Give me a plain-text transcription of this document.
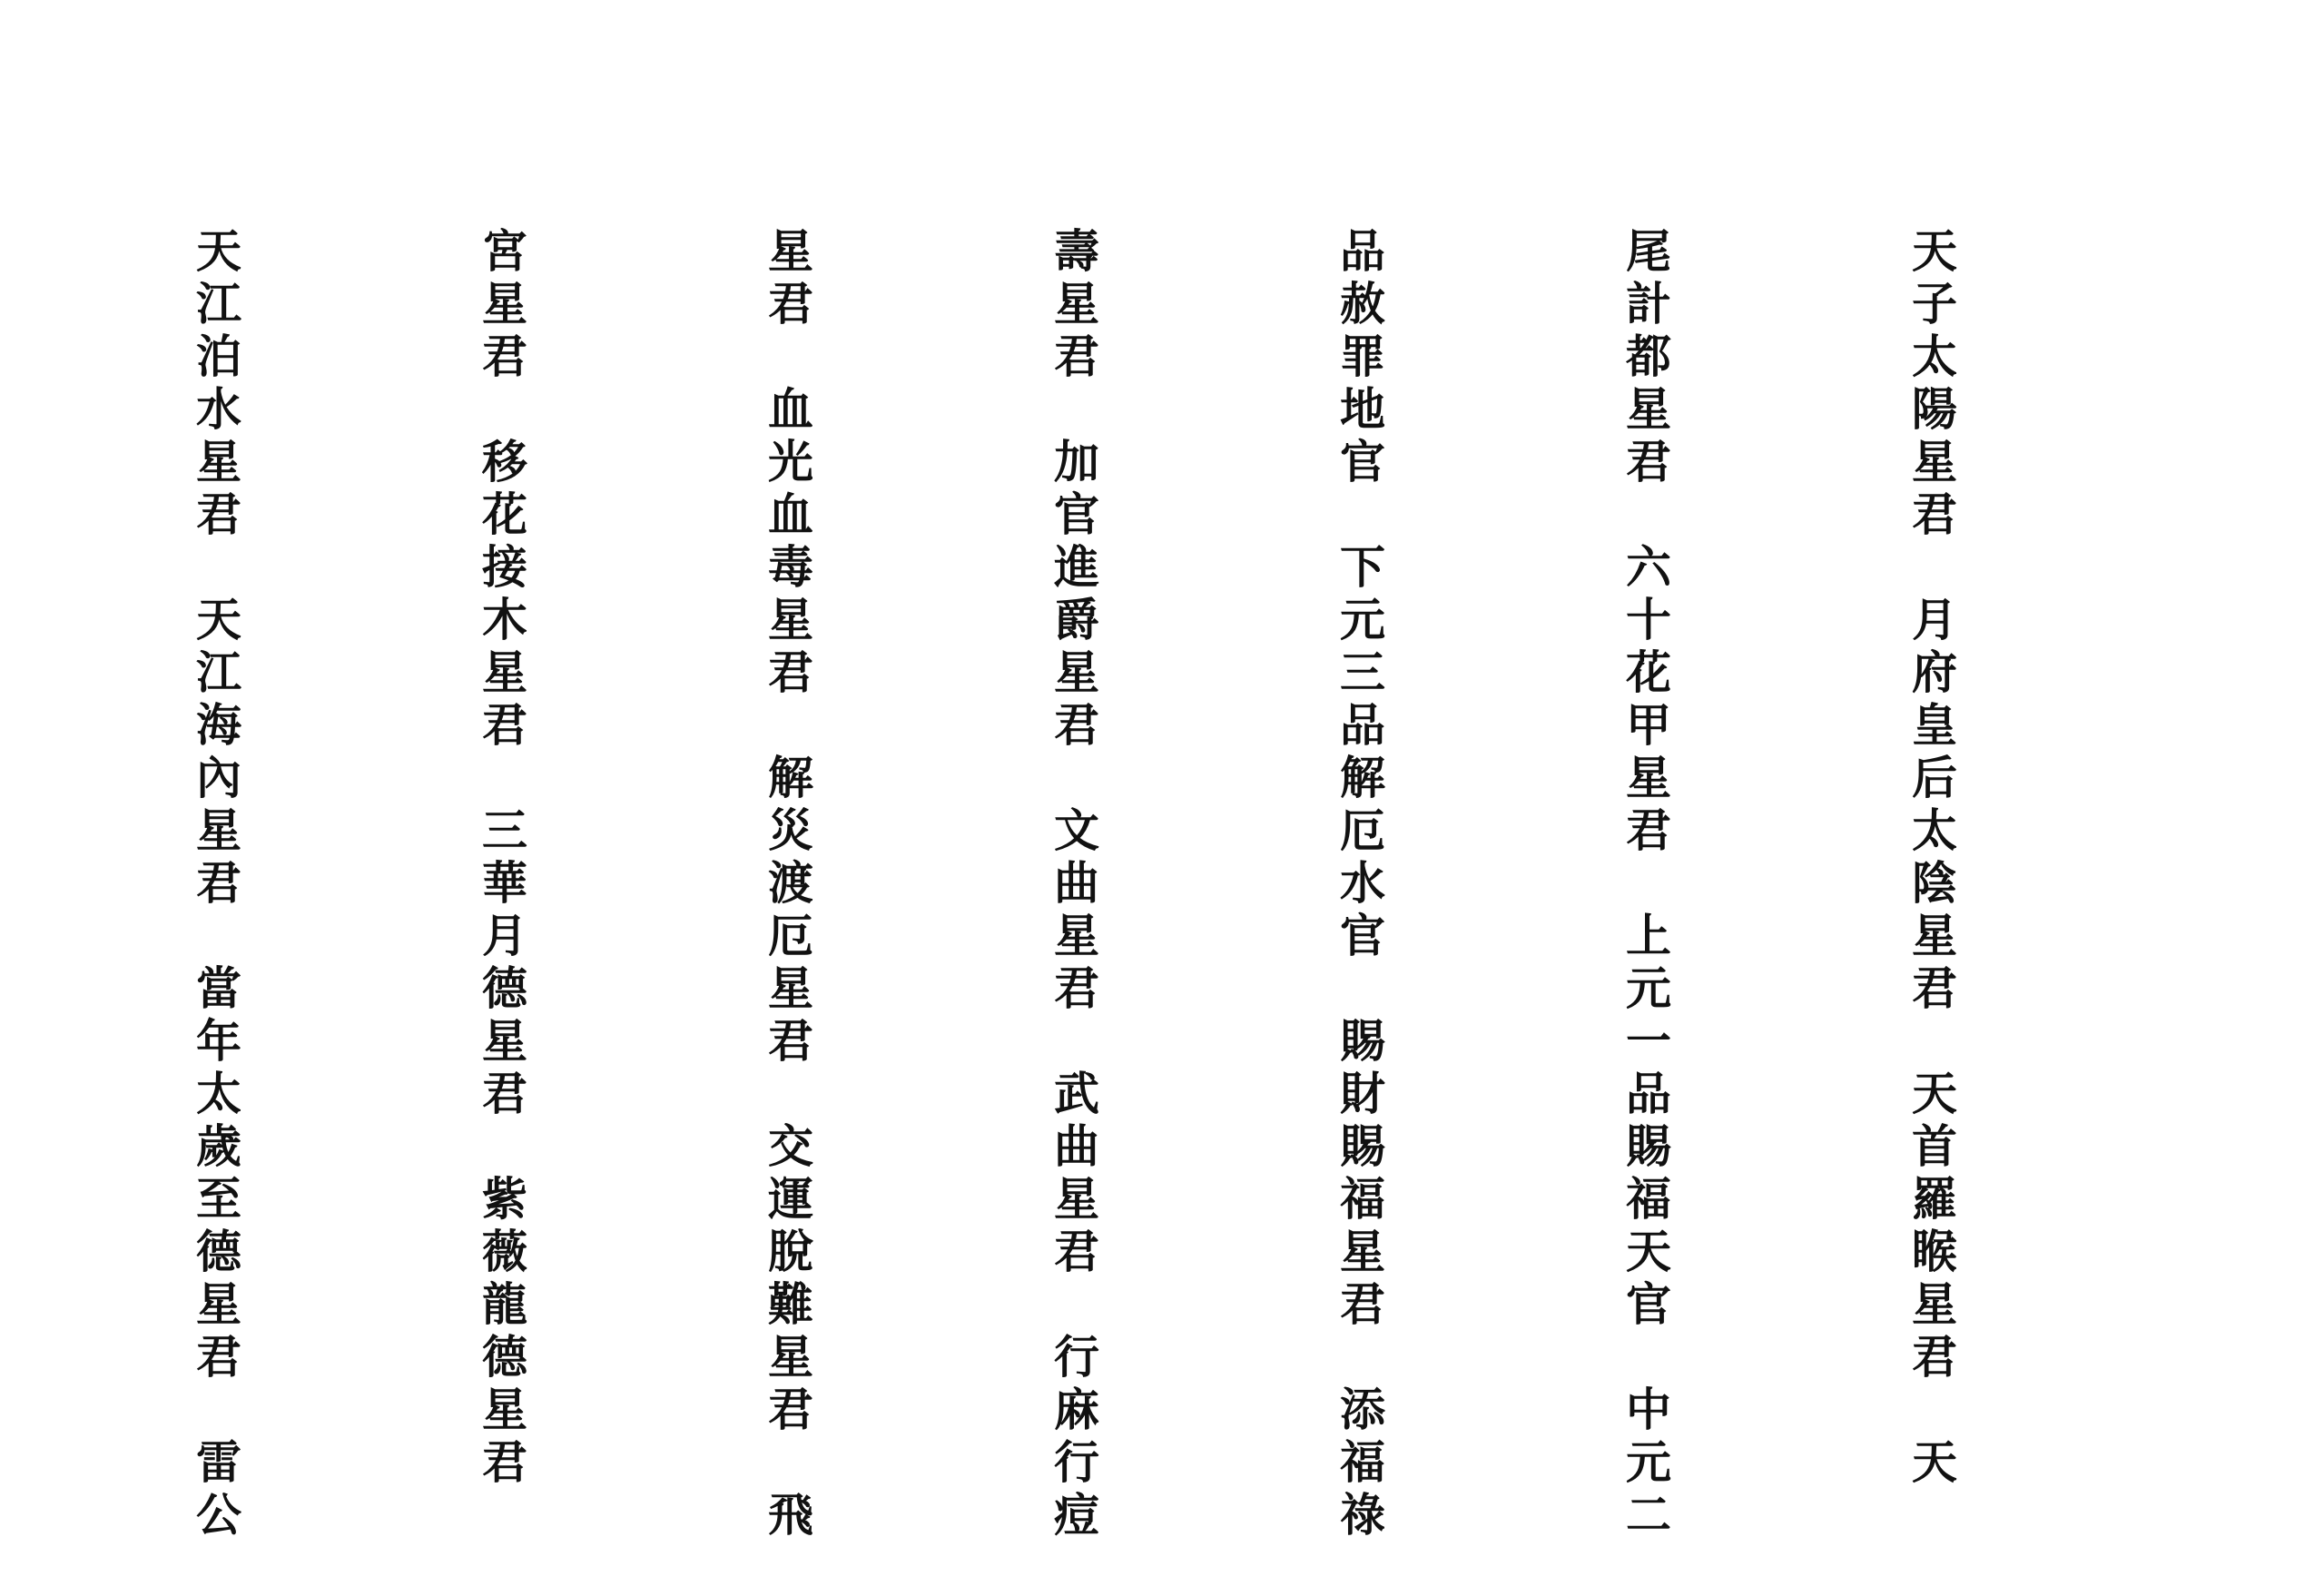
天子太陽星君　月府皇后太陰星君　天首羅睺星君　天

尾計都星君　六十花甲星君　上元一品賜福天官　中元二

品赦罪地官　下元三品解厄水官　賜財賜福星君　添福祿

壽星君　加官進爵星君　文曲星君　武曲星君　行麻行痘

星君　血光血毒星君　解災渡厄星君　交運脫難星君　飛

宮星君　移花接木星君　三華月德星君　紫薇龍德星君

天江泊水星君　天江海內星君　當年太歲至德星君　雷公
